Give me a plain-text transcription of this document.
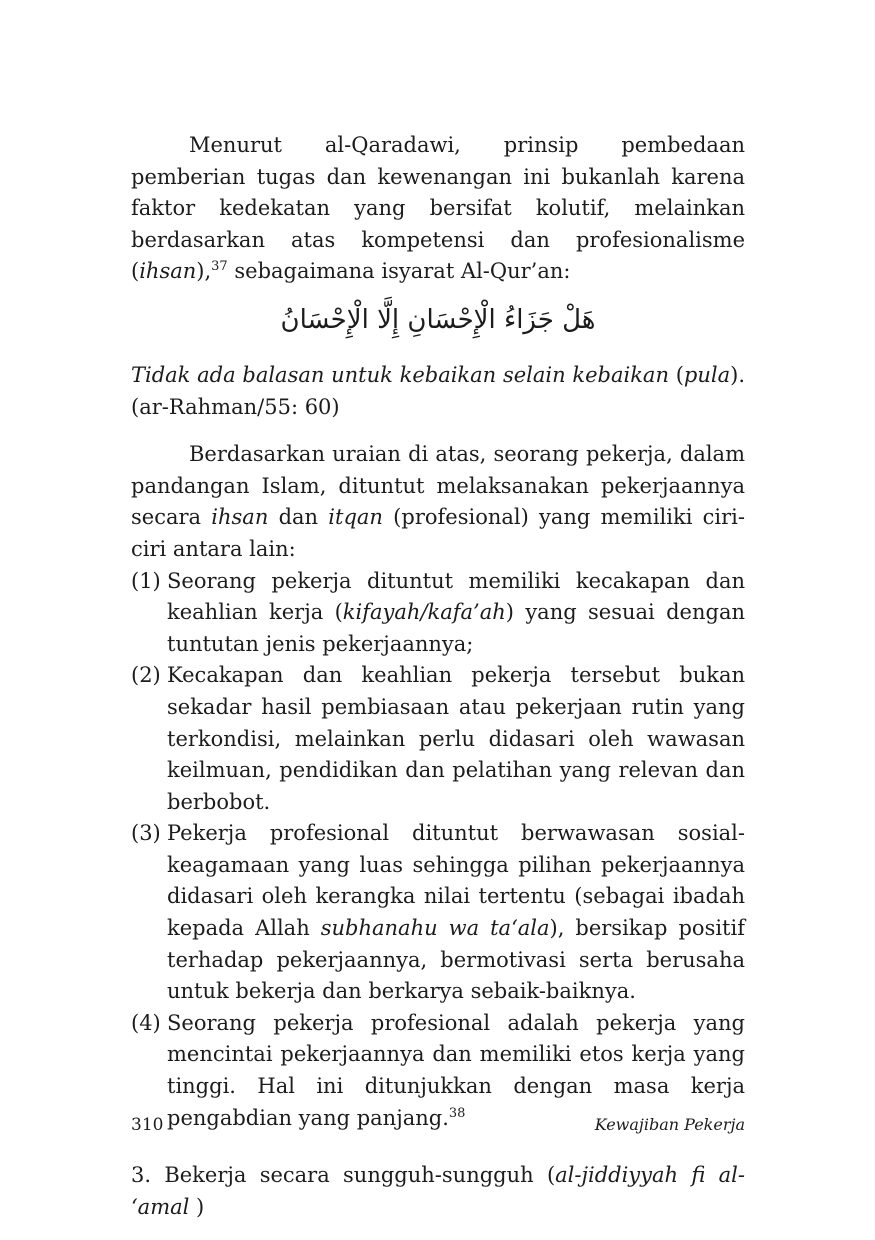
Menurut al-Qaradawi, prinsip pembedaan pemberian tugas dan kewenangan ini bukanlah karena faktor kedekatan yang bersifat kolutif, melainkan berdasarkan atas kompetensi dan profesionalisme (ihsan),$^{37}$ sebagaimana isyarat Al-Qur’an:

هَلْ جَزَاءُ الْإِحْسَانِ إِلَّا الْإِحْسَانُ

Tidak ada balasan untuk kebaikan selain kebaikan (pula). (ar-Rahman/55: 60)

Berdasarkan uraian di atas, seorang pekerja, dalam pandangan Islam, dituntut melaksanakan pekerjaannya secara ihsan dan itqan (profesional) yang memiliki ciri-ciri antara lain:

(1) Seorang pekerja dituntut memiliki kecakapan dan keahlian kerja (kifayah/kafa’ah) yang sesuai dengan tuntutan jenis pekerjaannya;
(2) Kecakapan dan keahlian pekerja tersebut bukan sekadar hasil pembiasaan atau pekerjaan rutin yang terkondisi, melainkan perlu didasari oleh wawasan keilmuan, pendidikan dan pelatihan yang relevan dan berbobot.
(3) Pekerja profesional dituntut berwawasan sosial-keagamaan yang luas sehingga pilihan pekerjaannya didasari oleh kerangka nilai tertentu (sebagai ibadah kepada Allah subhanahu wa ta‘ala), bersikap positif terhadap pekerjaannya, bermotivasi serta berusaha untuk bekerja dan berkarya sebaik-baiknya.
(4) Seorang pekerja profesional adalah pekerja yang mencintai pekerjaannya dan memiliki etos kerja yang tinggi. Hal ini ditunjukkan dengan masa kerja pengabdian yang panjang.$^{38}$

3. Bekerja secara sungguh-sungguh (al-jiddiyyah fi al- ‘amal )

310	Kewajiban Pekerja
